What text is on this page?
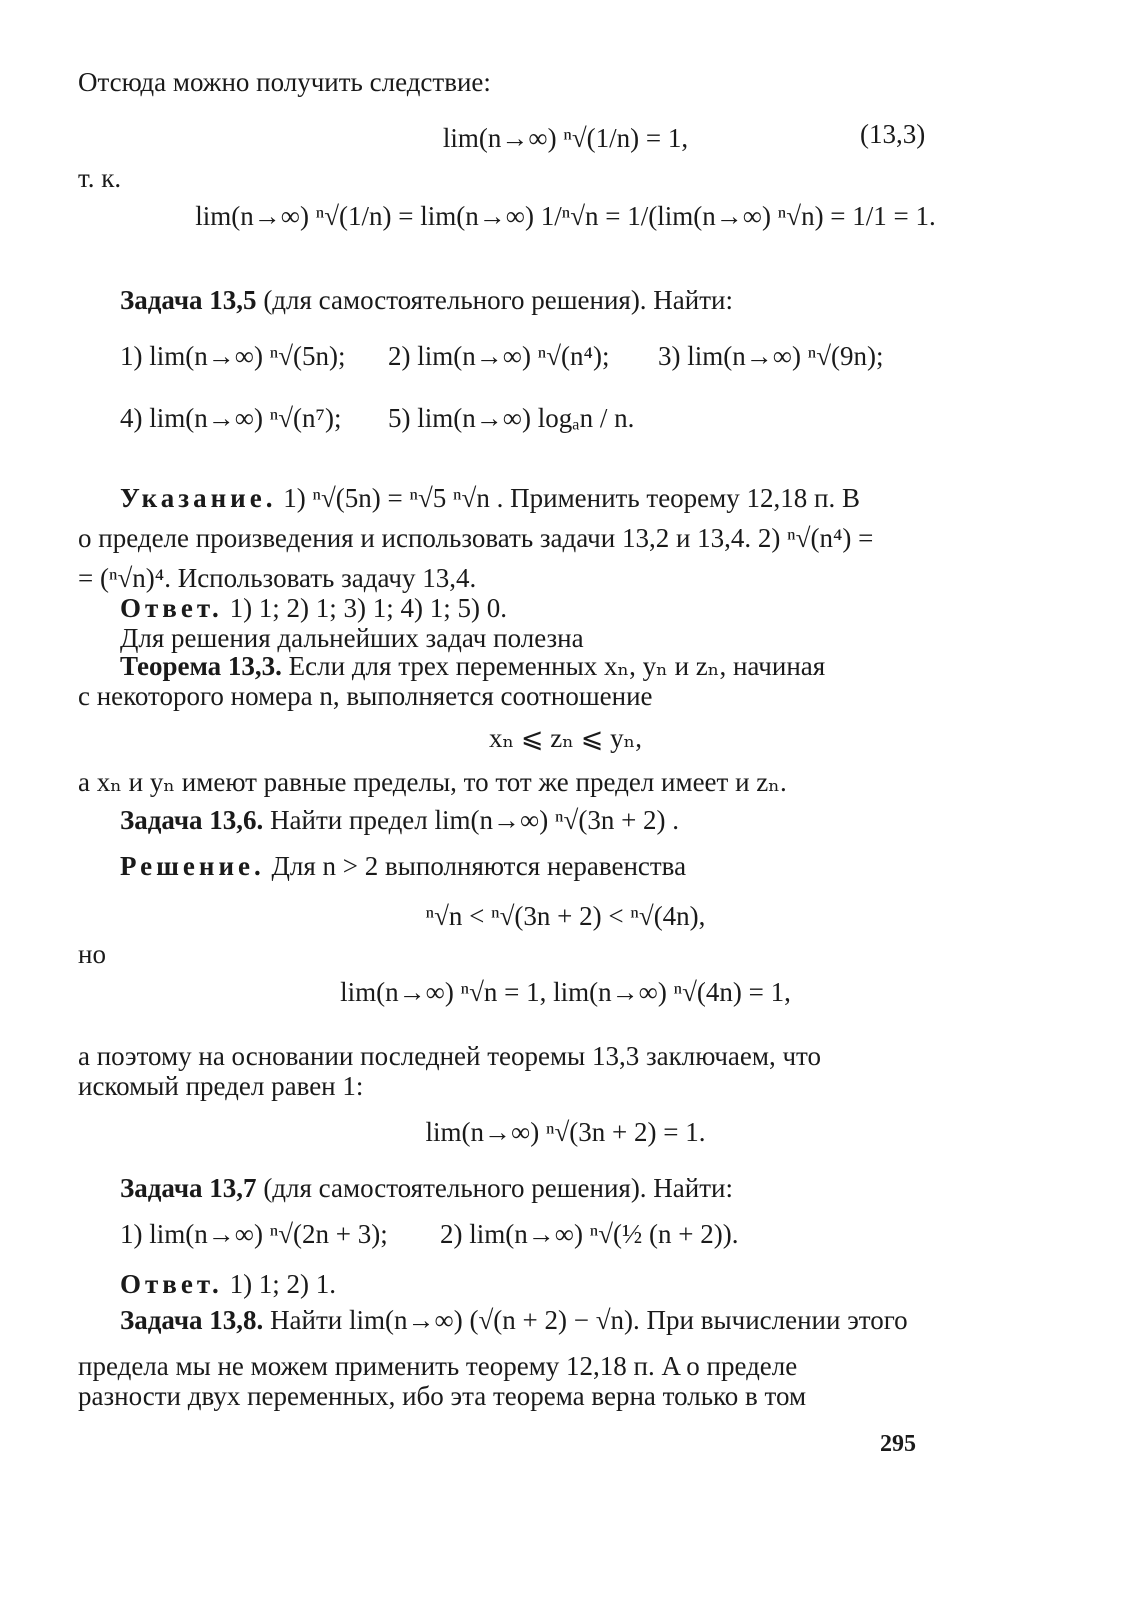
Отсюда можно получить следствие:
lim(n→∞) ⁿ√(1/n) = 1,	(13,3)
т. к.
lim(n→∞) ⁿ√(1/n) = lim(n→∞) 1/ⁿ√n = 1/(lim(n→∞) ⁿ√n) = 1/1 = 1.
Задача 13,5 (для самостоятельного решения). Найти:
1) lim(n→∞) ⁿ√(5n); 2) lim(n→∞) ⁿ√(n⁴); 3) lim(n→∞) ⁿ√(9n);
4) lim(n→∞) ⁿ√(n⁷); 5) lim(n→∞) logₐn / n.
Указание. 1) ⁿ√(5n) = ⁿ√5 ⁿ√n . Применить теорему 12,18 п. B
о пределе произведения и использовать задачи 13,2 и 13,4. 2) ⁿ√(n⁴) =
= (ⁿ√n)⁴. Использовать задачу 13,4.
Ответ. 1) 1; 2) 1; 3) 1; 4) 1; 5) 0.
Для решения дальнейших задач полезна
Теорема 13,3. Если для трех переменных xₙ, yₙ и zₙ, начиная
с некоторого номера n, выполняется соотношение
xₙ ⩽ zₙ ⩽ yₙ,
а xₙ и yₙ имеют равные пределы, то тот же предел имеет и zₙ.
Задача 13,6. Найти предел lim(n→∞) ⁿ√(3n + 2) .
Решение. Для n > 2 выполняются неравенства
ⁿ√n < ⁿ√(3n + 2) < ⁿ√(4n),
но
lim(n→∞) ⁿ√n = 1, lim(n→∞) ⁿ√(4n) = 1,
а поэтому на основании последней теоремы 13,3 заключаем, что
искомый предел равен 1:
lim(n→∞) ⁿ√(3n + 2) = 1.
Задача 13,7 (для самостоятельного решения). Найти:
1) lim(n→∞) ⁿ√(2n + 3); 2) lim(n→∞) ⁿ√(½ (n + 2)).
Ответ. 1) 1; 2) 1.
Задача 13,8. Найти lim(n→∞) (√(n + 2) − √n). При вычислении этого
предела мы не можем применить теорему 12,18 п. A о пределе
разности двух переменных, ибо эта теорема верна только в том
295
